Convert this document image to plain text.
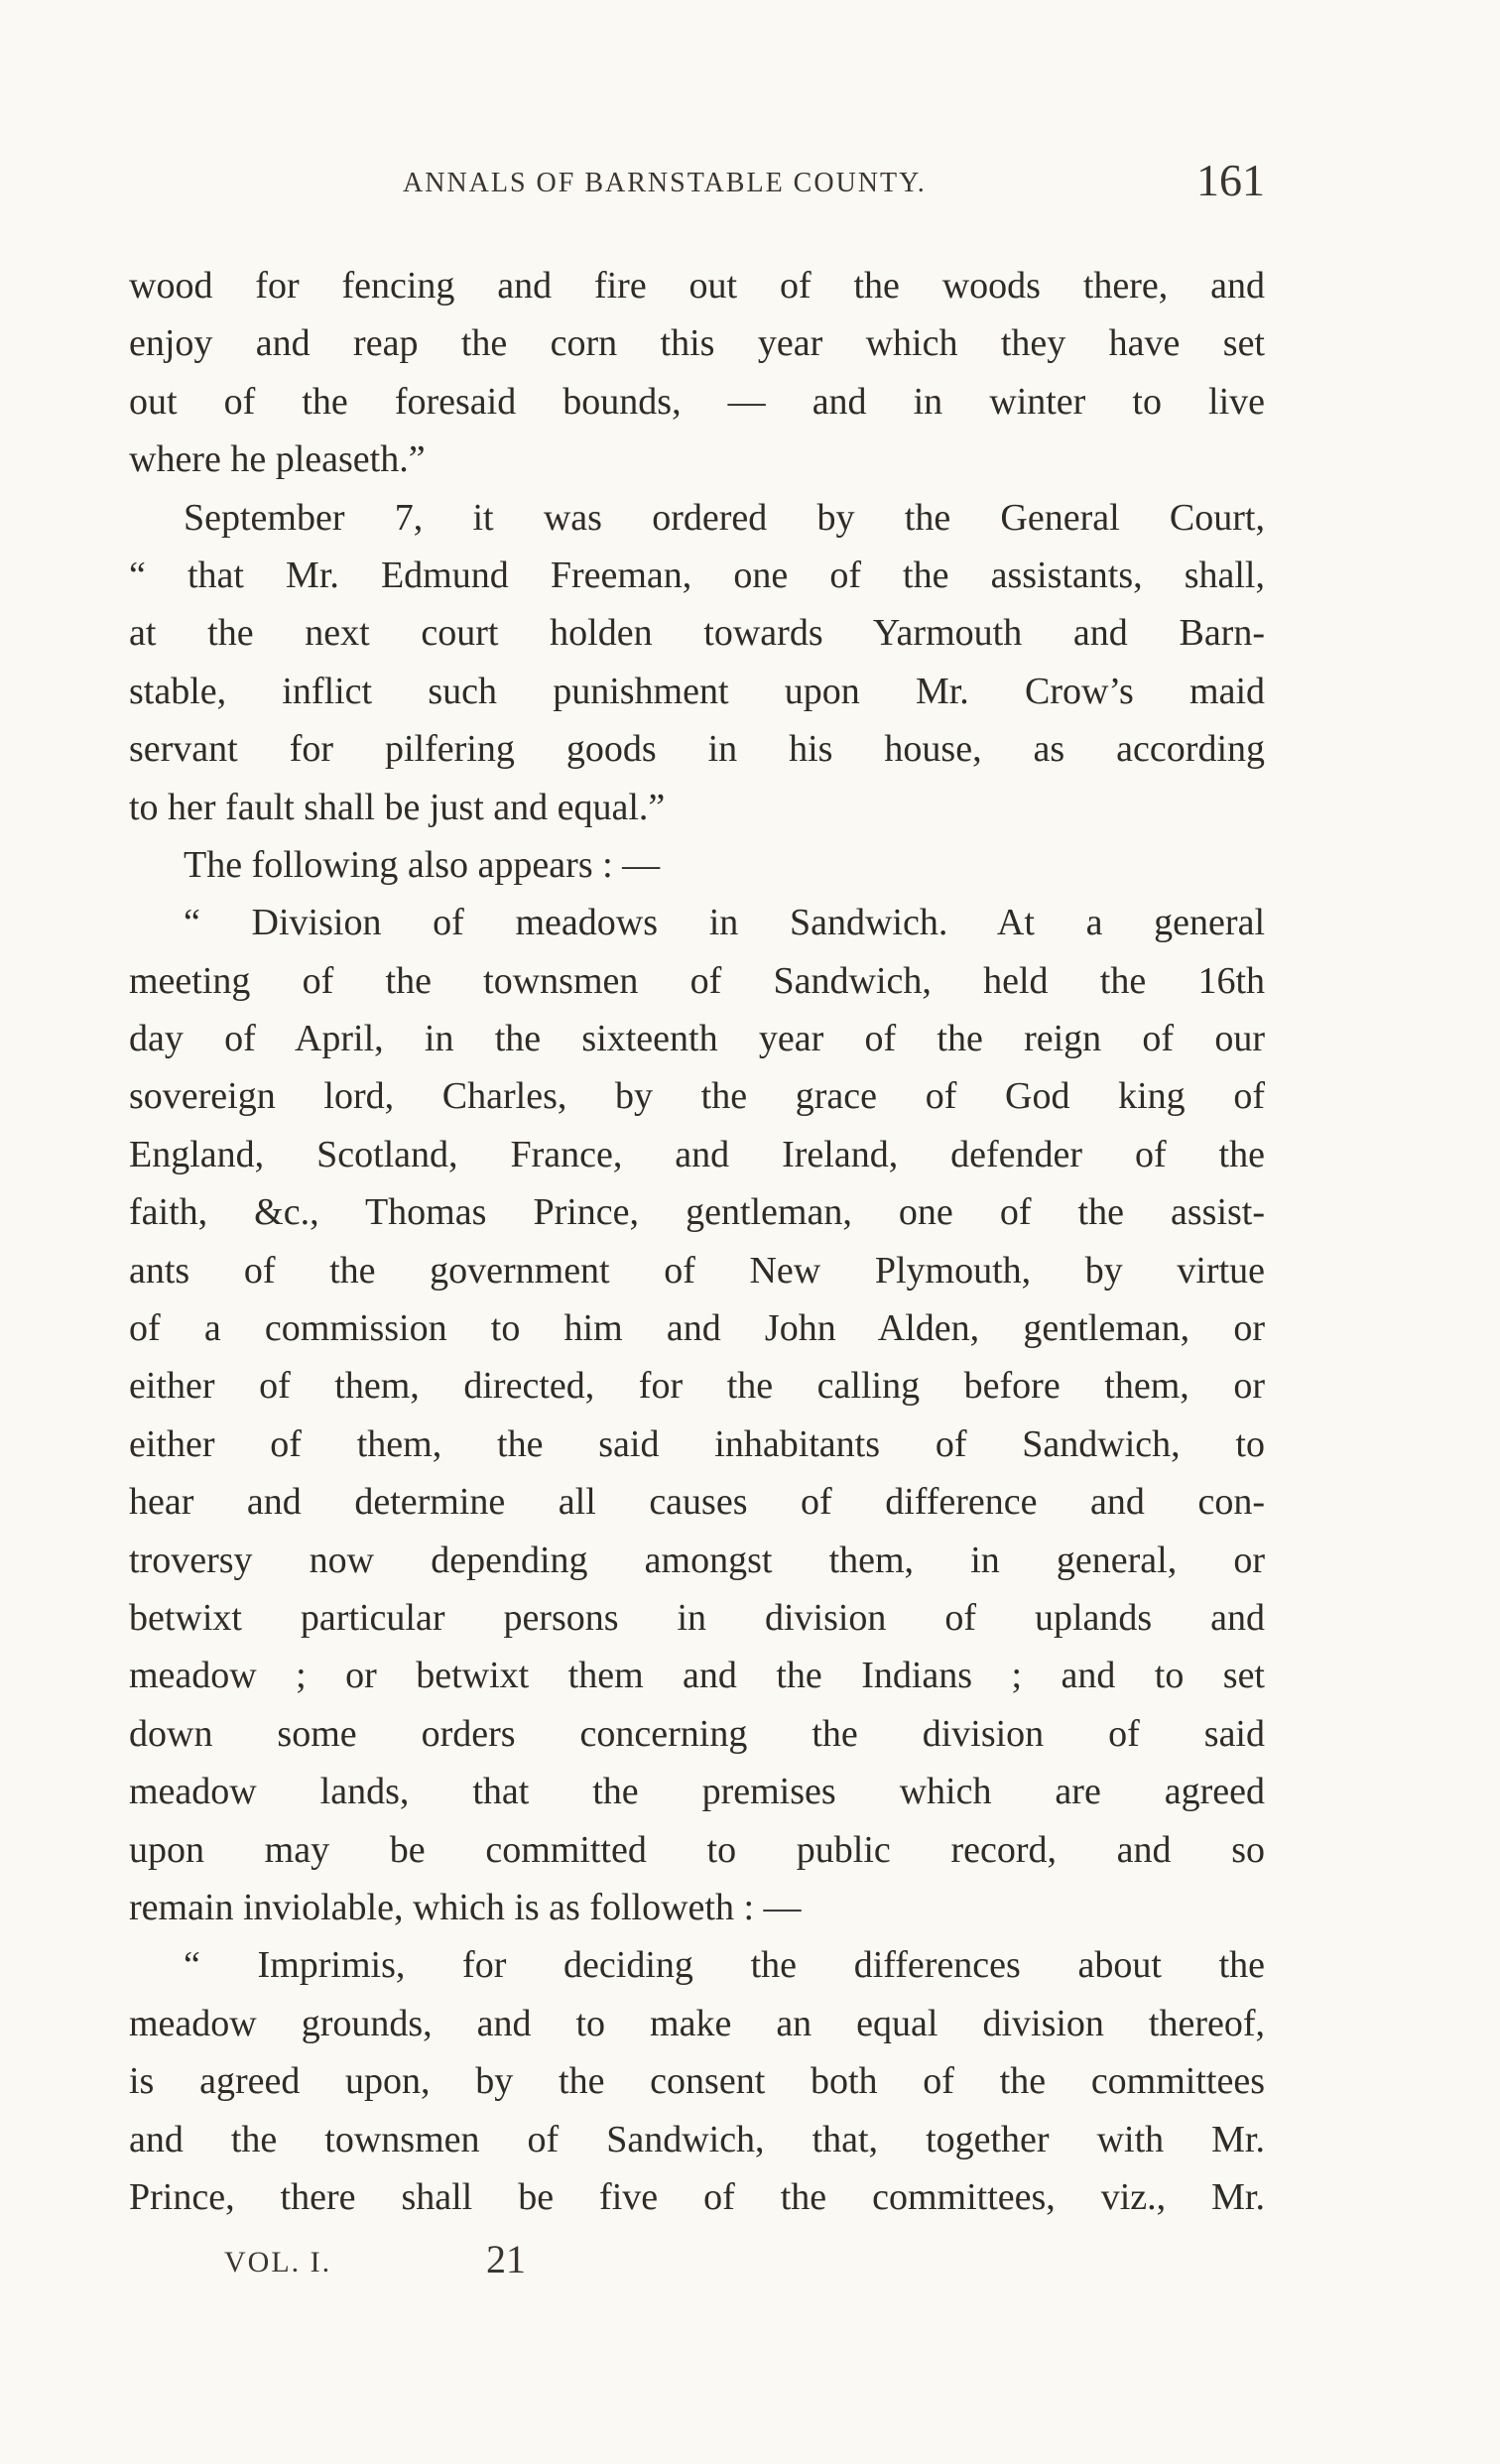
ANNALS OF BARNSTABLE COUNTY.	161
wood for fencing and fire out of the woods there, and
enjoy and reap the corn this year which they have set
out of the foresaid bounds, — and in winter to live
where he pleaseth.”
September 7, it was ordered by the General Court,
“ that Mr. Edmund Freeman, one of the assistants, shall,
at the next court holden towards Yarmouth and Barn-
stable, inflict such punishment upon Mr. Crow’s maid
servant for pilfering goods in his house, as according
to her fault shall be just and equal.”
The following also appears : —
“ Division of meadows in Sandwich. At a general
meeting of the townsmen of Sandwich, held the 16th
day of April, in the sixteenth year of the reign of our
sovereign lord, Charles, by the grace of God king of
England, Scotland, France, and Ireland, defender of the
faith, &c., Thomas Prince, gentleman, one of the assist-
ants of the government of New Plymouth, by virtue
of a commission to him and John Alden, gentleman, or
either of them, directed, for the calling before them, or
either of them, the said inhabitants of Sandwich, to
hear and determine all causes of difference and con-
troversy now depending amongst them, in general, or
betwixt particular persons in division of uplands and
meadow ; or betwixt them and the Indians ; and to set
down some orders concerning the division of said
meadow lands, that the premises which are agreed
upon may be committed to public record, and so
remain inviolable, which is as followeth : —
“ Imprimis, for deciding the differences about the
meadow grounds, and to make an equal division thereof,
is agreed upon, by the consent both of the committees
and the townsmen of Sandwich, that, together with Mr.
Prince, there shall be five of the committees, viz., Mr.
VOL. I.	21
